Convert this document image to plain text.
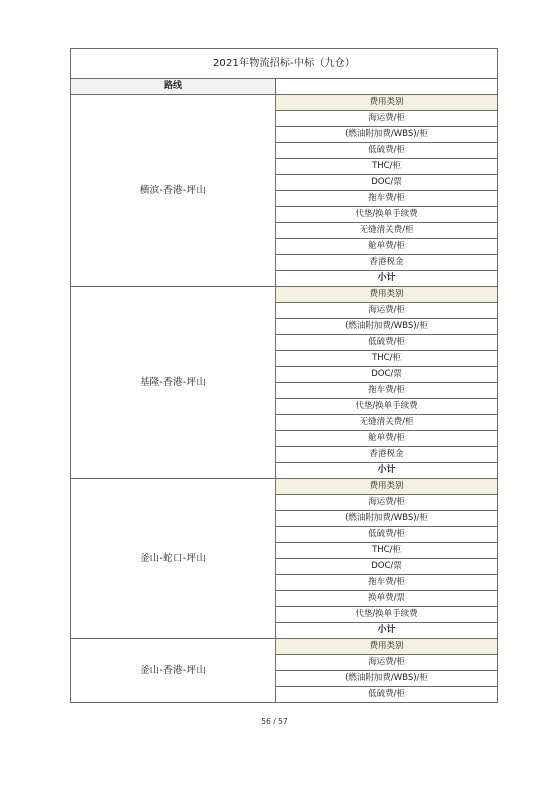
2021年物流招标-中标（九仓）	
路线	
横滨-香港-坪山	费用类别
	海运费/柜
	(燃油附加费/WBS)/柜
	低硫费/柜
	THC/柜
	DOC/票
	拖车费/柜
	代垫/换单手续费
	无缝清关费/柜
	舱单费/柜
	香港税金
	小计
基隆-香港-坪山	费用类别
	海运费/柜
	(燃油附加费/WBS)/柜
	低硫费/柜
	THC/柜
	DOC/票
	拖车费/柜
	代垫/换单手续费
	无缝清关费/柜
	舱单费/柜
	香港税金
	小计
釜山-蛇口-坪山	费用类别
	海运费/柜
	(燃油附加费/WBS)/柜
	低硫费/柜
	THC/柜
	DOC/票
	拖车费/柜
	换单费/票
	代垫/换单手续费
	小计
釜山-香港-坪山	费用类别
	海运费/柜
	(燃油附加费/WBS)/柜
	低硫费/柜
56 / 57
